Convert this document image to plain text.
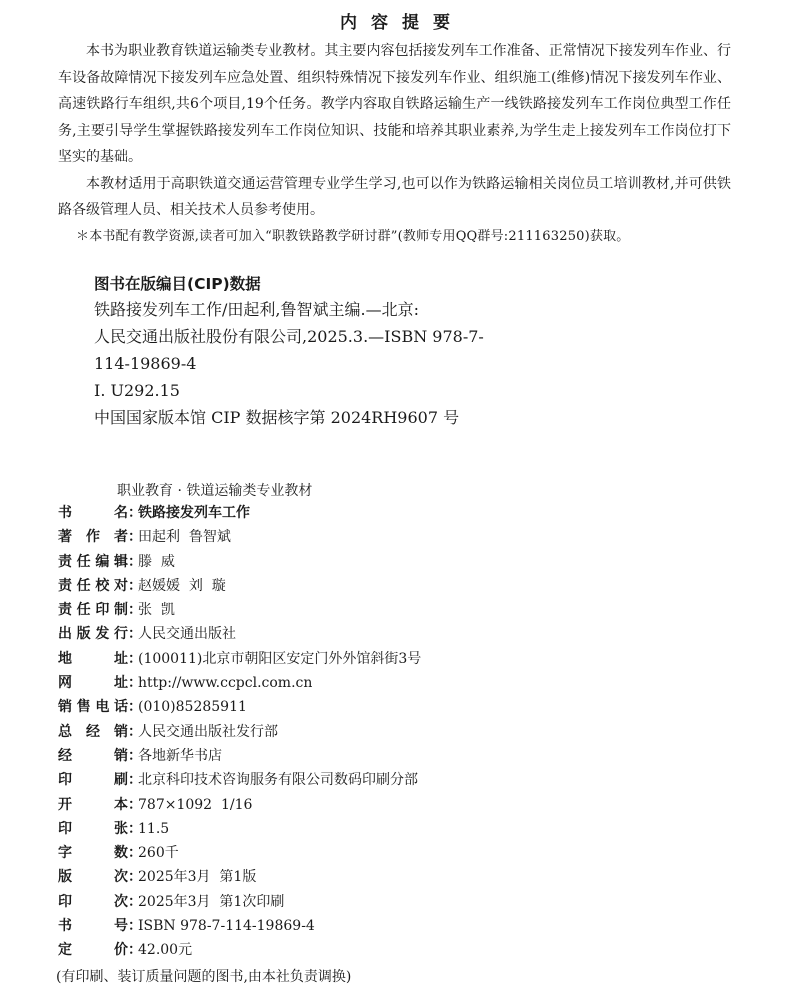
内容提要

本书为职业教育铁道运输类专业教材。其主要内容包括接发列车工作准备、正常情况下接发列车作业、行车设备故障情况下接发列车应急处置、组织特殊情况下接发列车作业、组织施工(维修)情况下接发列车作业、高速铁路行车组织,共6个项目,19个任务。教学内容取自铁路运输生产一线铁路接发列车工作岗位典型工作任务,主要引导学生掌握铁路接发列车工作岗位知识、技能和培养其职业素养,为学生走上接发列车工作岗位打下坚实的基础。

本教材适用于高职铁道交通运营管理专业学生学习,也可以作为铁路运输相关岗位员工培训教材,并可供铁路各级管理人员、相关技术人员参考使用。

＊本书配有教学资源,读者可加入“职教铁路教学研讨群”(教师专用QQ群号:211163250)获取。

图书在版编目(CIP)数据
铁路接发列车工作/田起利,鲁智斌主编.—北京:
人民交通出版社股份有限公司,2025.3.—ISBN 978-7-
114-19869-4
Ⅰ. U292.15
中国国家版本馆 CIP 数据核字第 2024RH9607 号
职业教育 · 铁道运输类专业教材
书名 ：
铁路接发列车工作
著作者 ：
田起利  鲁智斌
责任编辑 ：
滕  威
责任校对 ：
赵媛媛  刘  璇
责任印制 ：
张  凯
出版发行 ：
人民交通出版社
地址 ：
(100011)北京市朝阳区安定门外外馆斜街3号
网址 ：
http://www.ccpcl.com.cn
销售电话 ：
(010)85285911
总经销 ：
人民交通出版社发行部
经销 ：
各地新华书店
印刷 ：
北京科印技术咨询服务有限公司数码印刷分部
开本 ：
787×1092  1/16
印张 ：
11.5
字数 ：
260千
版次 ：
2025年3月  第1版
印次 ：
2025年3月  第1次印刷
书号 ：
ISBN 978-7-114-19869-4
定价 ：
42.00元
(有印刷、装订质量问题的图书,由本社负责调换)
